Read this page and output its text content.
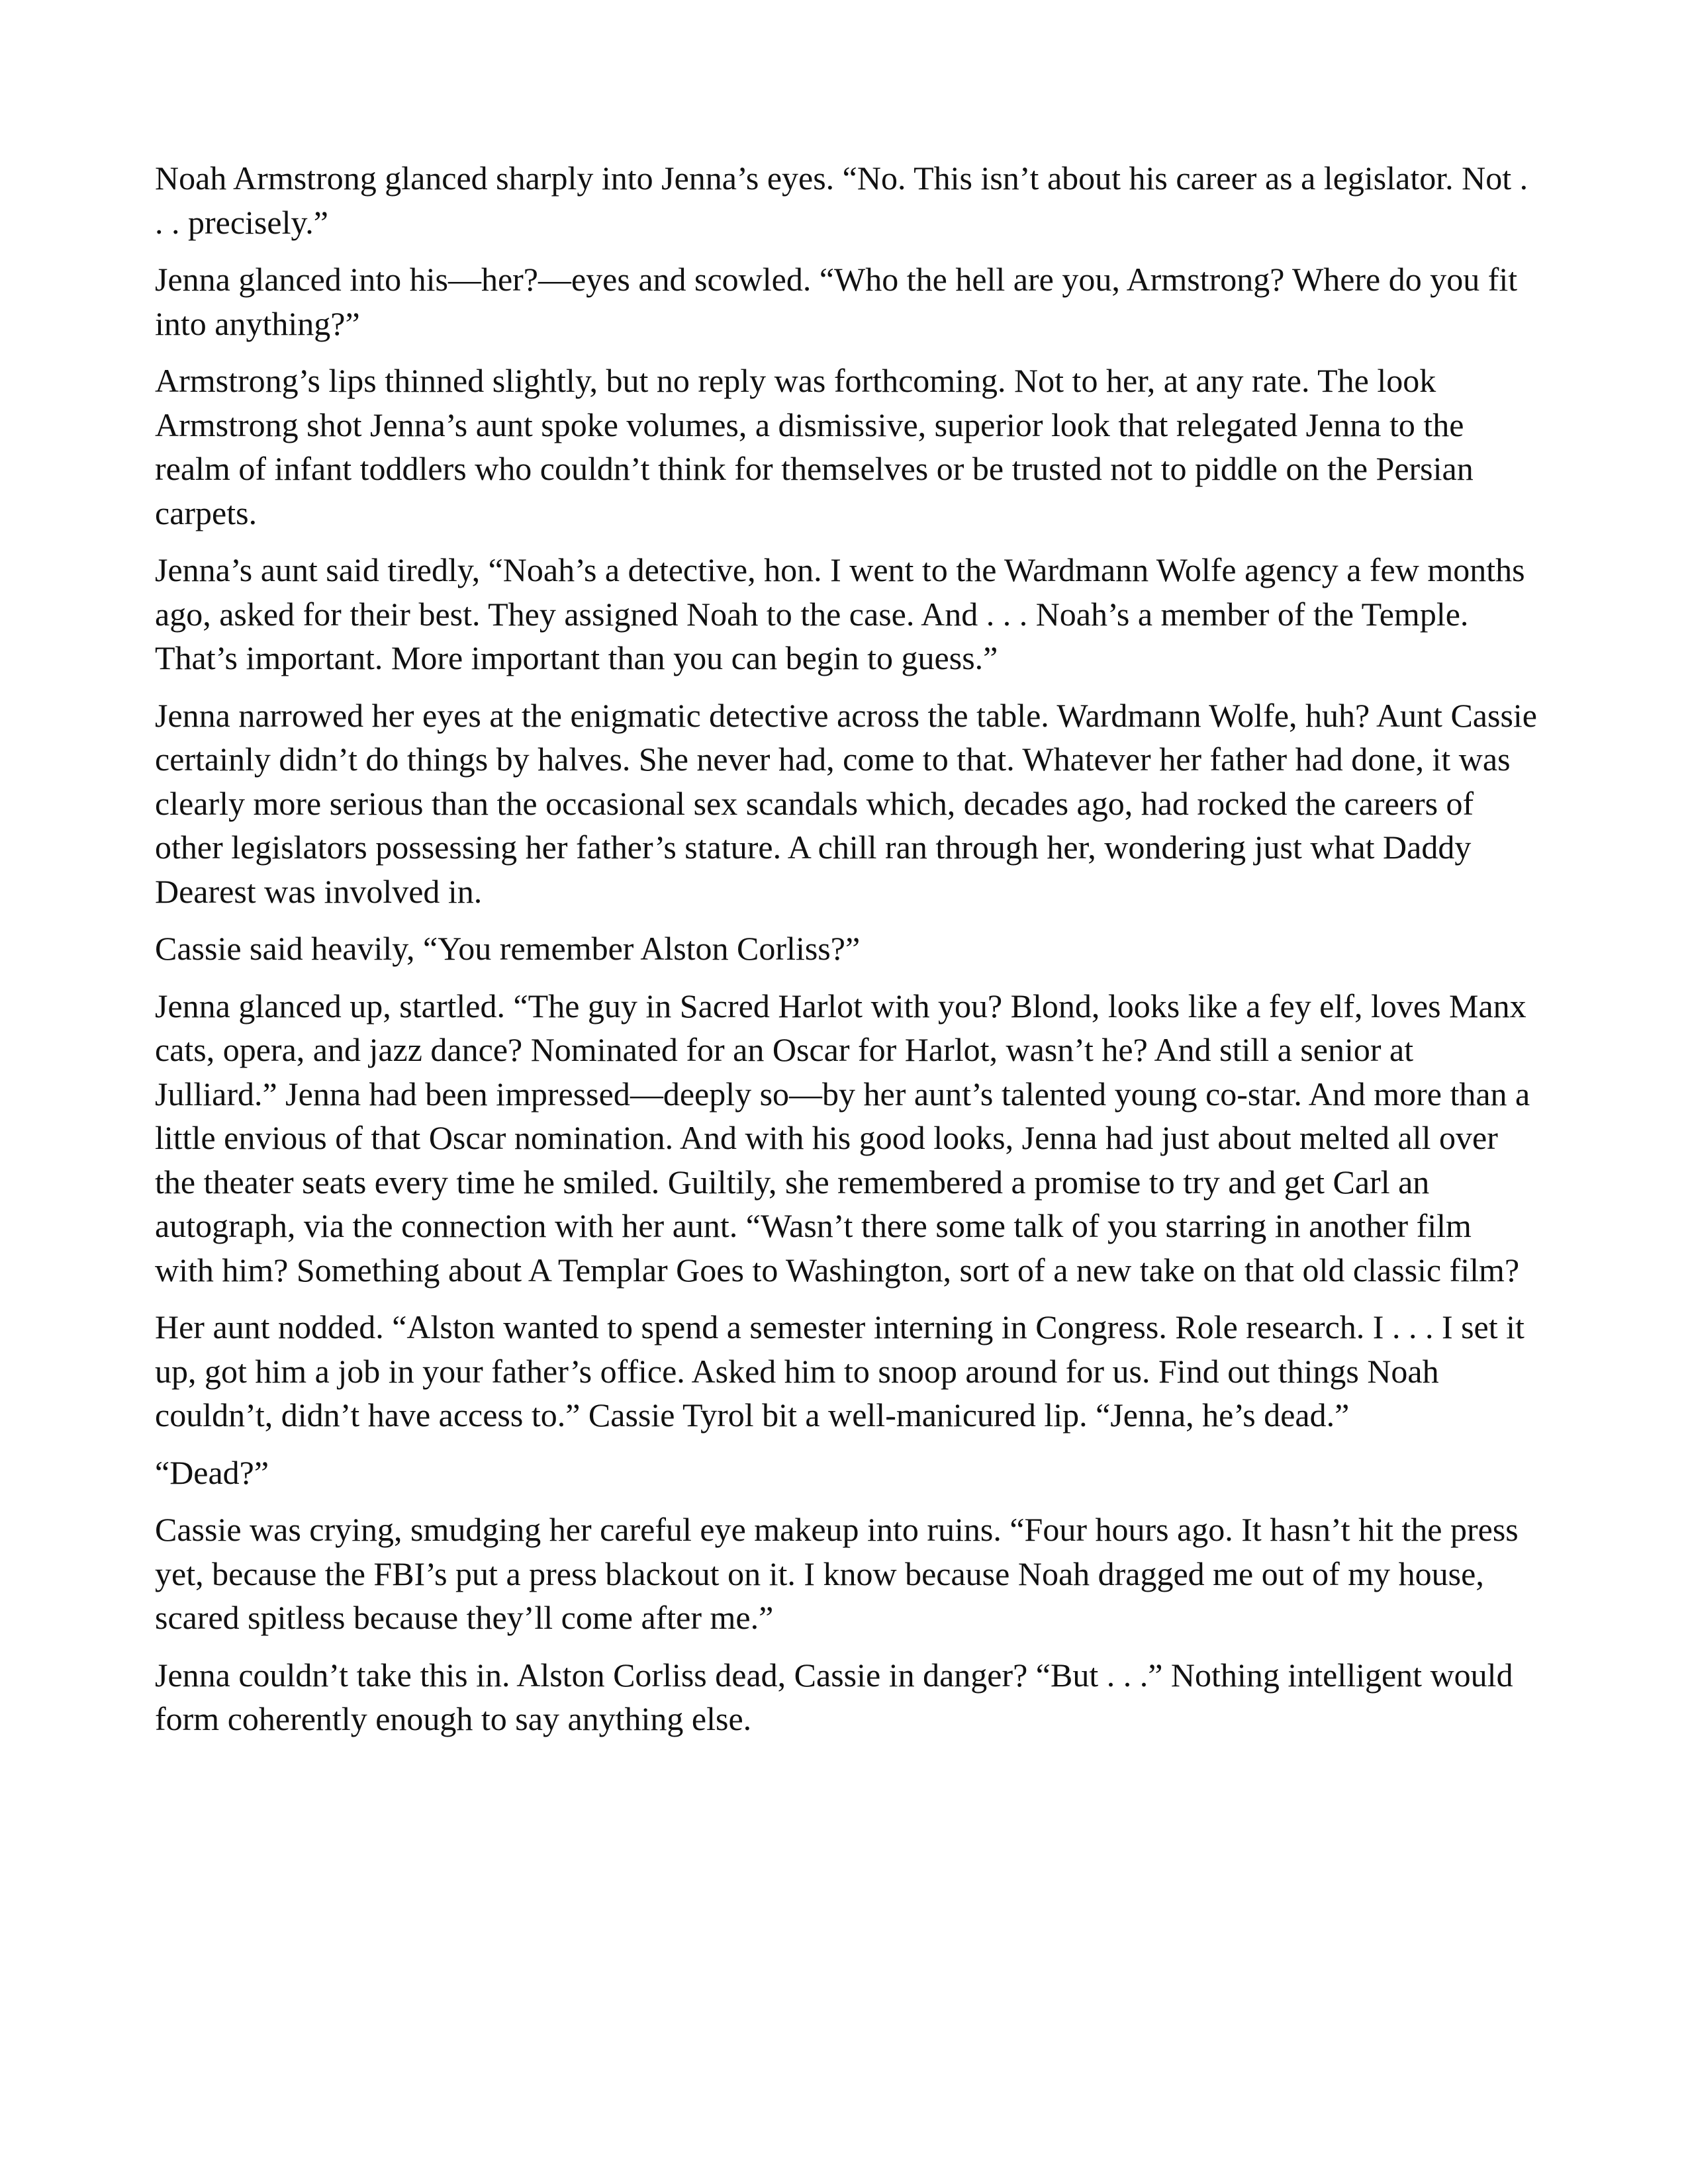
Noah Armstrong glanced sharply into Jenna’s eyes. “No. This isn’t about his career as a legislator. Not . . . precisely.”

Jenna glanced into his—her?—eyes and scowled. “Who the hell are you, Armstrong? Where do you fit into anything?”

Armstrong’s lips thinned slightly, but no reply was forthcoming. Not to her, at any rate. The look Armstrong shot Jenna’s aunt spoke volumes, a dismissive, superior look that relegated Jenna to the realm of infant toddlers who couldn’t think for themselves or be trusted not to piddle on the Persian carpets.

Jenna’s aunt said tiredly, “Noah’s a detective, hon. I went to the Wardmann Wolfe agency a few months ago, asked for their best. They assigned Noah to the case. And . . . Noah’s a member of the Temple. That’s important. More important than you can begin to guess.”

Jenna narrowed her eyes at the enigmatic detective across the table. Wardmann Wolfe, huh? Aunt Cassie certainly didn’t do things by halves. She never had, come to that. Whatever her father had done, it was clearly more serious than the occasional sex scandals which, decades ago, had rocked the careers of other legislators possessing her father’s stature. A chill ran through her, wondering just what Daddy Dearest was involved in.

Cassie said heavily, “You remember Alston Corliss?”

Jenna glanced up, startled. “The guy in Sacred Harlot with you? Blond, looks like a fey elf, loves Manx cats, opera, and jazz dance? Nominated for an Oscar for Harlot, wasn’t he? And still a senior at Julliard.” Jenna had been impressed—deeply so—by her aunt’s talented young co-star. And more than a little envious of that Oscar nomination. And with his good looks, Jenna had just about melted all over the theater seats every time he smiled. Guiltily, she remembered a promise to try and get Carl an autograph, via the connection with her aunt. “Wasn’t there some talk of you starring in another film with him? Something about A Templar Goes to Washington, sort of a new take on that old classic film?

Her aunt nodded. “Alston wanted to spend a semester interning in Congress. Role research. I . . . I set it up, got him a job in your father’s office. Asked him to snoop around for us. Find out things Noah couldn’t, didn’t have access to.” Cassie Tyrol bit a well-manicured lip. “Jenna, he’s dead.”

“Dead?”

Cassie was crying, smudging her careful eye makeup into ruins. “Four hours ago. It hasn’t hit the press yet, because the FBI’s put a press blackout on it. I know because Noah dragged me out of my house, scared spitless because they’ll come after me.”

Jenna couldn’t take this in. Alston Corliss dead, Cassie in danger? “But . . .” Nothing intelligent would form coherently enough to say anything else.
